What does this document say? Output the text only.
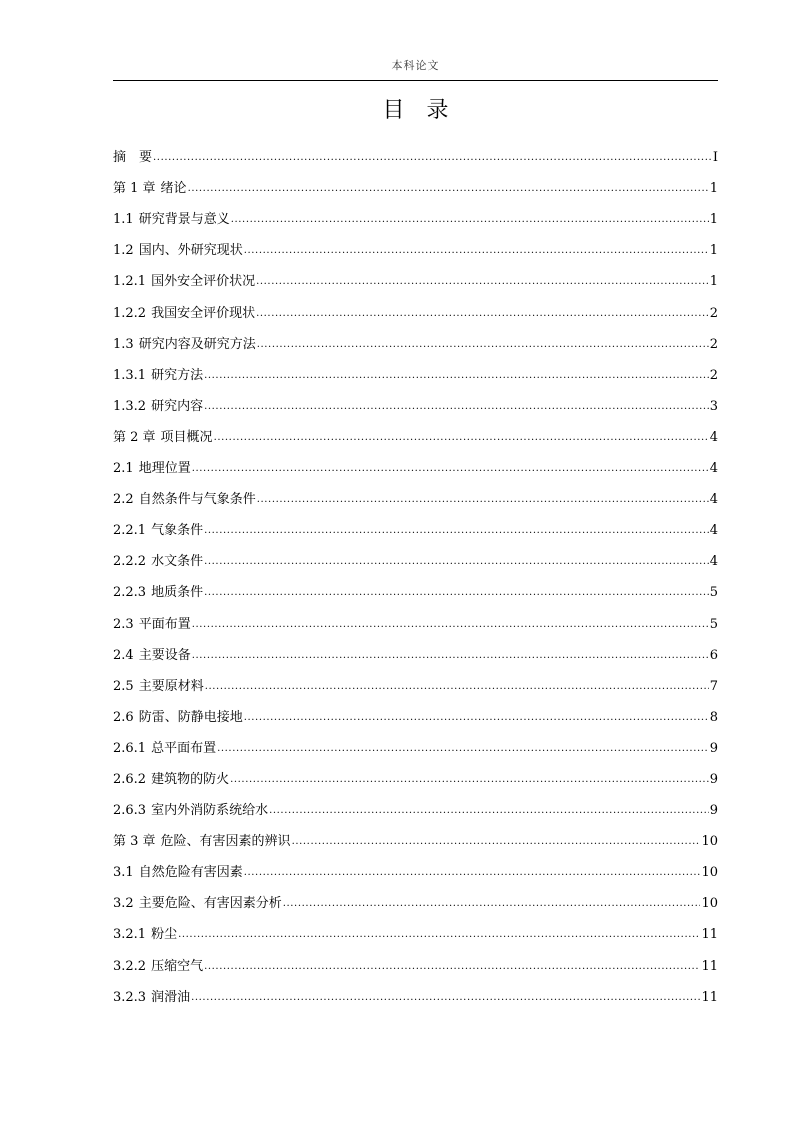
本科论文
目录
摘　要 .....	I
第 1 章 绪论 .....	1
1.1 研究背景与意义 .....	1
1.2 国内、外研究现状 .....	1
1.2.1 国外安全评价状况 .....	1
1.2.2 我国安全评价现状 .....	2
1.3 研究内容及研究方法 .....	2
1.3.1 研究方法 .....	2
1.3.2 研究内容 .....	3
第 2 章 项目概况 .....	4
2.1 地理位置 .....	4
2.2 自然条件与气象条件 .....	4
2.2.1 气象条件 .....	4
2.2.2 水文条件 .....	4
2.2.3 地质条件 .....	5
2.3 平面布置 .....	5
2.4 主要设备 .....	6
2.5 主要原材料 .....	7
2.6 防雷、防静电接地 .....	8
2.6.1 总平面布置 .....	9
2.6.2 建筑物的防火 .....	9
2.6.3 室内外消防系统给水 .....	9
第 3 章 危险、有害因素的辨识 .....	10
3.1 自然危险有害因素 .....	10
3.2 主要危险、有害因素分析 .....	10
3.2.1 粉尘 .....	11
3.2.2 压缩空气 .....	11
3.2.3 润滑油 .....	11
